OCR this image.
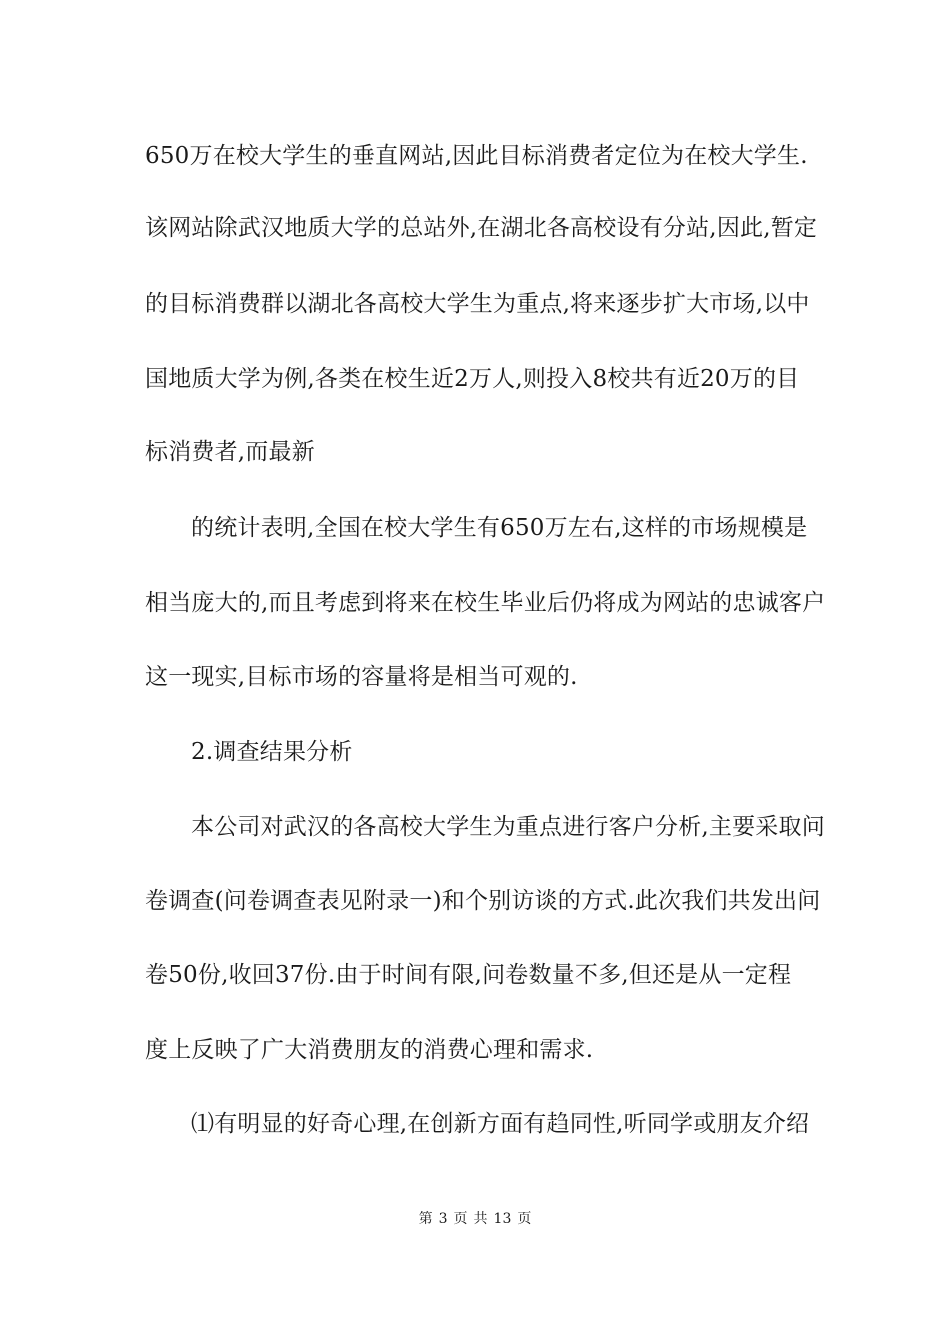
650万在校大学生的垂直网站,因此目标消费者定位为在校大学生.
该网站除武汉地质大学的总站外,在湖北各高校设有分站,因此,暂定
的目标消费群以湖北各高校大学生为重点,将来逐步扩大市场,以中
国地质大学为例,各类在校生近2万人,则投入8校共有近20万的目
标消费者,而最新
的统计表明,全国在校大学生有650万左右,这样的市场规模是
相当庞大的,而且考虑到将来在校生毕业后仍将成为网站的忠诚客户
这一现实,目标市场的容量将是相当可观的.
2.调查结果分析
本公司对武汉的各高校大学生为重点进行客户分析,主要采取问
卷调查(问卷调查表见附录一)和个别访谈的方式.此次我们共发出问
卷50份,收回37份.由于时间有限,问卷数量不多,但还是从一定程
度上反映了广大消费朋友的消费心理和需求.
⑴有明显的好奇心理,在创新方面有趋同性,听同学或朋友介绍
第 3 页 共 13 页
